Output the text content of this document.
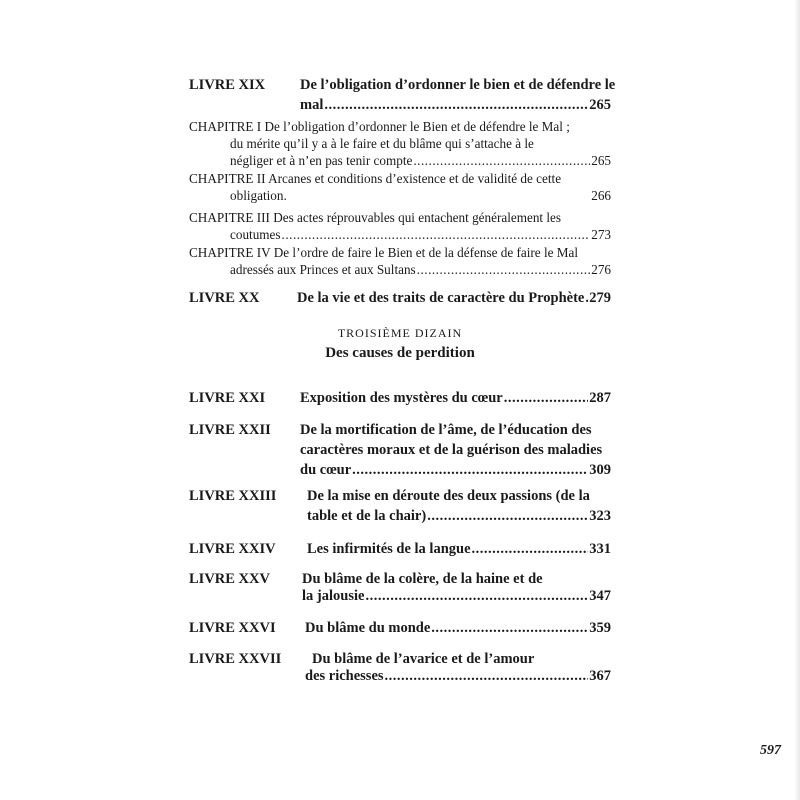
LIVRE XIX De l’obligation d’ordonner le bien et de défendre le
mal .....	265
CHAPITRE I De l’obligation d’ordonner le Bien et de défendre le Mal ;
du mérite qu’il y a à le faire et du blâme qui s’attache à le
négliger et à n’en pas tenir compte .....	265
CHAPITRE II Arcanes et conditions d’existence et de validité de cette
obligation.	266
CHAPITRE III Des actes réprouvables qui entachent généralement les
coutumes .....	273
CHAPITRE IV De l’ordre de faire le Bien et de la défense de faire le Mal
adressés aux Princes et aux Sultans .....	276
LIVRE XX	De la vie et des traits de caractère du Prophète ..... 279
TROISIÈME DIZAIN
Des causes de perdition
LIVRE XXI Exposition des mystères du cœur .....	287
LIVRE XXII De la mortification de l’âme, de l’éducation des
caractères moraux et de la guérison des maladies
du cœur .....	309
LIVRE XXIII De la mise en déroute des deux passions (de la
table et de la chair) .....	323
LIVRE XXIV Les infirmités de la langue .....	331
LIVRE XXV Du blâme de la colère, de la haine et de
la jalousie .....	347
LIVRE XXVI Du blâme du monde .....	359
LIVRE XXVII Du blâme de l’avarice et de l’amour
des richesses .....	367
597
